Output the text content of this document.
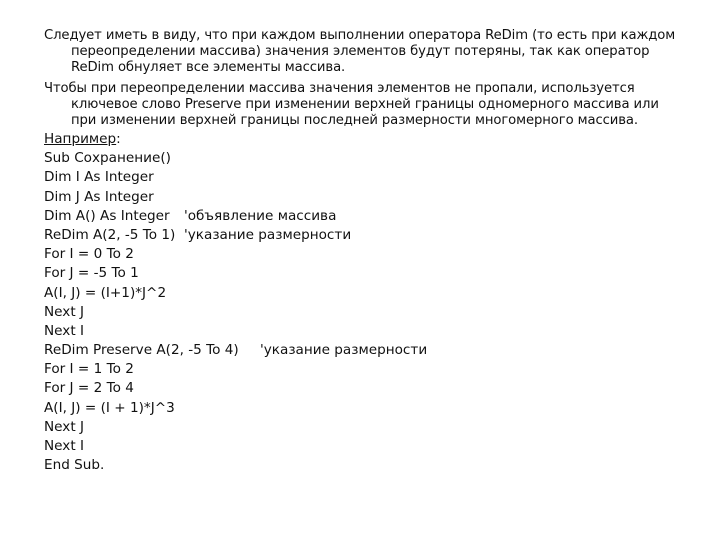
Следует иметь в виду, что при каждом выполнении оператора ReDim (то есть при каждом переопределении массива) значения элементов будут потеряны, так как оператор ReDim обнуляет все элементы массива.

Чтобы при переопределении массива значения элементов не пропали, используется ключевое слово Preserve при изменении верхней границы одномерного массива или при изменении верхней границы последней размерности многомерного массива.

Например:
Sub Сохранение()
Dim I As Integer
Dim J As Integer
Dim A() As Integer 'объявление массива
ReDim A(2, -5 To 1) 'указание размерности
For I = 0 To 2
For J = -5 To 1
A(I, J) = (I+1)*J^2
Next J
Next I
ReDim Preserve A(2, -5 To 4) 'указание размерности
For I = 1 To 2
For J = 2 To 4
A(I, J) = (I + 1)*J^3
Next J
Next I
End Sub.
